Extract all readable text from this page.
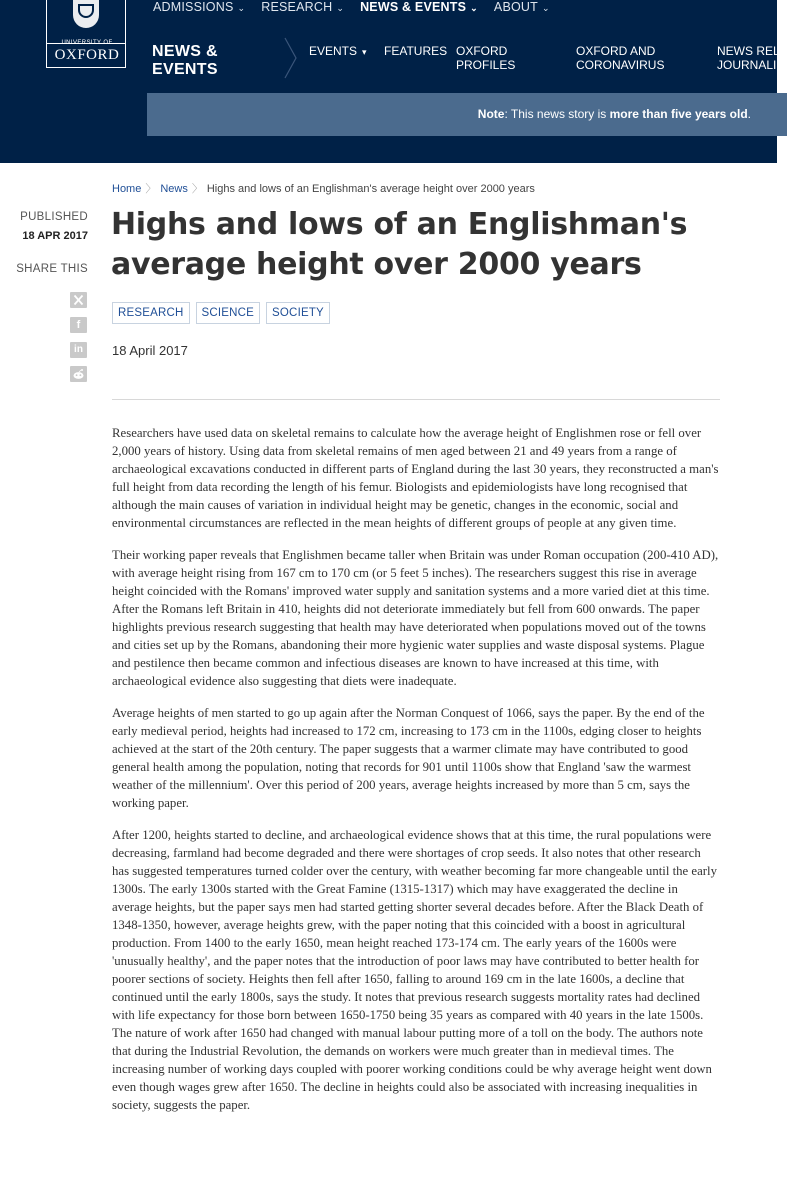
UNIVERSITY OF
OXFORD
ADMISSIONS ⌄ RESEARCH ⌄ NEWS & EVENTS ⌄ ABOUT ⌄
NEWS &
EVENTS
EVENTS ▾ FEATURES OXFORD
PROFILES
OXFORD AND
CORONAVIRUS
NEWS RELE
JOURNALIS
Note: This news story is more than five years old.
Home 〉 News 〉 Highs and lows of an Englishman's average height over 2000 years
PUBLISHED
18 APR 2017
SHARE THIS
f
in
Highs and lows of an Englishman's
average height over 2000 years
RESEARCH	SCIENCE	SOCIETY
18 April 2017

Researchers have used data on skeletal remains to calculate how the average height of Englishmen rose or fell over 2,000 years of history. Using data from skeletal remains of men aged between 21 and 49 years from a range of archaeological excavations conducted in different parts of England during the last 30 years, they reconstructed a man's full height from data recording the length of his femur. Biologists and epidemiologists have long recognised that although the main causes of variation in individual height may be genetic, changes in the economic, social and environmental circumstances are reflected in the mean heights of different groups of people at any given time.

Their working paper reveals that Englishmen became taller when Britain was under Roman occupation (200-410 AD), with average height rising from 167 cm to 170 cm (or 5 feet 5 inches). The researchers suggest this rise in average height coincided with the Romans' improved water supply and sanitation systems and a more varied diet at this time. After the Romans left Britain in 410, heights did not deteriorate immediately but fell from 600 onwards. The paper highlights previous research suggesting that health may have deteriorated when populations moved out of the towns and cities set up by the Romans, abandoning their more hygienic water supplies and waste disposal systems. Plague and pestilence then became common and infectious diseases are known to have increased at this time, with archaeological evidence also suggesting that diets were inadequate.

Average heights of men started to go up again after the Norman Conquest of 1066, says the paper. By the end of the early medieval period, heights had increased to 172 cm, increasing to 173 cm in the 1100s, edging closer to heights achieved at the start of the 20th century. The paper suggests that a warmer climate may have contributed to good general health among the population, noting that records for 901 until 1100s show that England 'saw the warmest weather of the millennium'. Over this period of 200 years, average heights increased by more than 5 cm, says the working paper.

After 1200, heights started to decline, and archaeological evidence shows that at this time, the rural populations were decreasing, farmland had become degraded and there were shortages of crop seeds. It also notes that other research has suggested temperatures turned colder over the century, with weather becoming far more changeable until the early 1300s. The early 1300s started with the Great Famine (1315-1317) which may have exaggerated the decline in average heights, but the paper says men had started getting shorter several decades before. After the Black Death of 1348-1350, however, average heights grew, with the paper noting that this coincided with a boost in agricultural production. From 1400 to the early 1650, mean height reached 173-174 cm. The early years of the 1600s were 'unusually healthy', and the paper notes that the introduction of poor laws may have contributed to better health for poorer sections of society. Heights then fell after 1650, falling to around 169 cm in the late 1600s, a decline that continued until the early 1800s, says the study. It notes that previous research suggests mortality rates had declined with life expectancy for those born between 1650-1750 being 35 years as compared with 40 years in the late 1500s. The nature of work after 1650 had changed with manual labour putting more of a toll on the body. The authors note that during the Industrial Revolution, the demands on workers were much greater than in medieval times. The increasing number of working days coupled with poorer working conditions could be why average height went down even though wages grew after 1650. The decline in heights could also be associated with increasing inequalities in society, suggests the paper.
